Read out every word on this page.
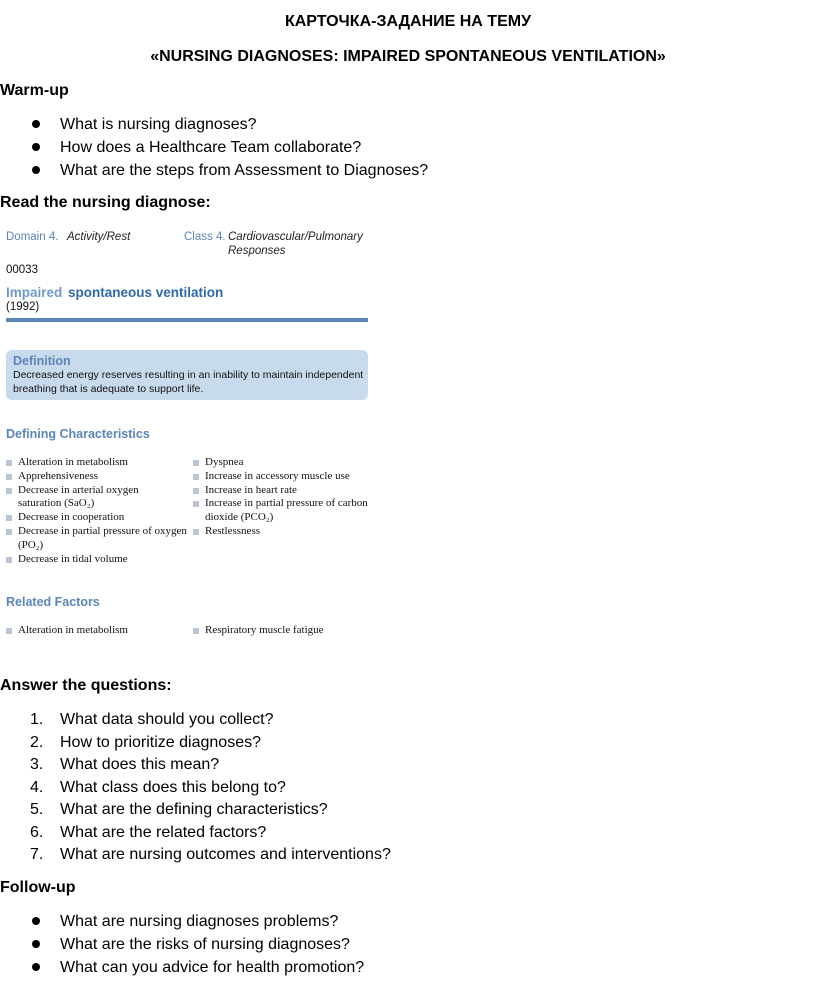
КАРТОЧКА-ЗАДАНИЕ НА ТЕМУ
«NURSING DIAGNOSES: IMPAIRED SPONTANEOUS VENTILATION»
Warm-up
What is nursing diagnoses?
How does a Healthcare Team collaborate?
What are the steps from Assessment to Diagnoses?
Read the nursing diagnose:
Domain 4. Activity/Rest	Class 4. Cardiovascular/Pulmonary
Responses
00033
Impaired spontaneous ventilation
(1992)
Definition
Decreased energy reserves resulting in an inability to maintain independent breathing that is adequate to support life.
Defining Characteristics
Alteration in metabolism
Apprehensiveness
Decrease in arterial oxygen saturation (SaO₂)
Decrease in cooperation
Decrease in partial pressure of oxygen (PO₂)
Decrease in tidal volume
Dyspnea
Increase in accessory muscle use
Increase in heart rate
Increase in partial pressure of carbon dioxide (PCO₂)
Restlessness
Related Factors
Alteration in metabolism	Respiratory muscle fatigue
Answer the questions:
1. What data should you collect?
2. How to prioritize diagnoses?
3. What does this mean?
4. What class does this belong to?
5. What are the defining characteristics?
6. What are the related factors?
7. What are nursing outcomes and interventions?
Follow-up
What are nursing diagnoses problems?
What are the risks of nursing diagnoses?
What can you advice for health promotion?
